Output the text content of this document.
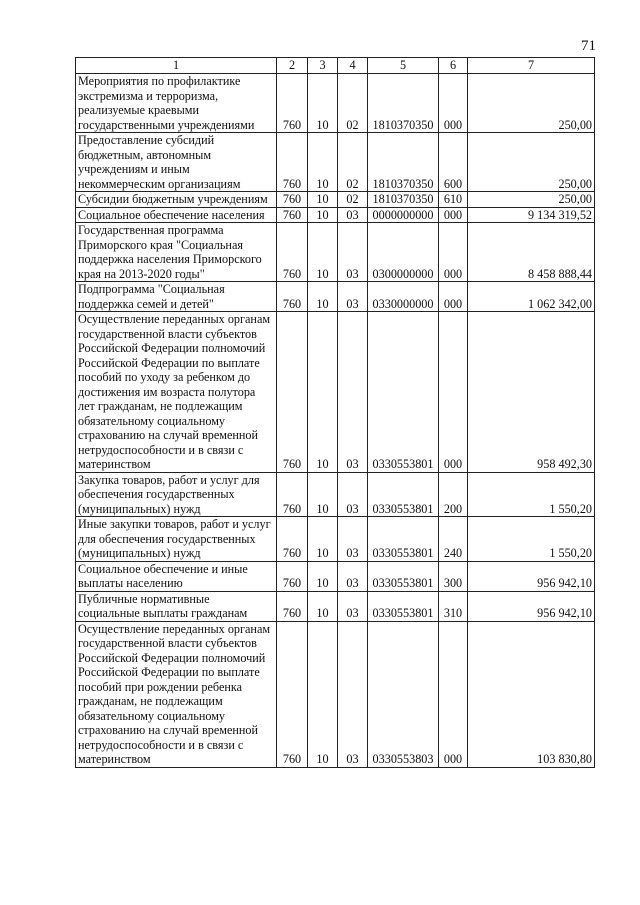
71
1	2	3	4	5	6	7
Мероприятия по профилактике экстремизма и терроризма, реализуемые краевыми государственными учреждениями	760	10	02	1810370350	000	250,00
Предоставление субсидий бюджетным, автономным учреждениям и иным некоммерческим организациям	760	10	02	1810370350	600	250,00
Субсидии бюджетным учреждениям	760	10	02	1810370350	610	250,00
Социальное обеспечение населения	760	10	03	0000000000	000	9 134 319,52
Государственная программа Приморского края "Социальная поддержка населения Приморского края на 2013-2020 годы"	760	10	03	0300000000	000	8 458 888,44
Подпрограмма "Социальная поддержка семей и детей"	760	10	03	0330000000	000	1 062 342,00
Осуществление переданных органам государственной власти субъектов Российской Федерации полномочий Российской Федерации по выплате пособий по уходу за ребенком до достижения им возраста полутора лет гражданам, не подлежащим обязательному социальному страхованию на случай временной нетрудоспособности и в связи с материнством	760	10	03	0330553801	000	958 492,30
Закупка товаров, работ и услуг для обеспечения государственных (муниципальных) нужд	760	10	03	0330553801	200	1 550,20
Иные закупки товаров, работ и услуг для обеспечения государственных (муниципальных) нужд	760	10	03	0330553801	240	1 550,20
Социальное обеспечение и иные выплаты населению	760	10	03	0330553801	300	956 942,10
Публичные нормативные социальные выплаты гражданам	760	10	03	0330553801	310	956 942,10
Осуществление переданных органам государственной власти субъектов Российской Федерации полномочий Российской Федерации по выплате пособий при рождении ребенка гражданам, не подлежащим обязательному социальному страхованию на случай временной нетрудоспособности и в связи с материнством	760	10	03	0330553803	000	103 830,80
